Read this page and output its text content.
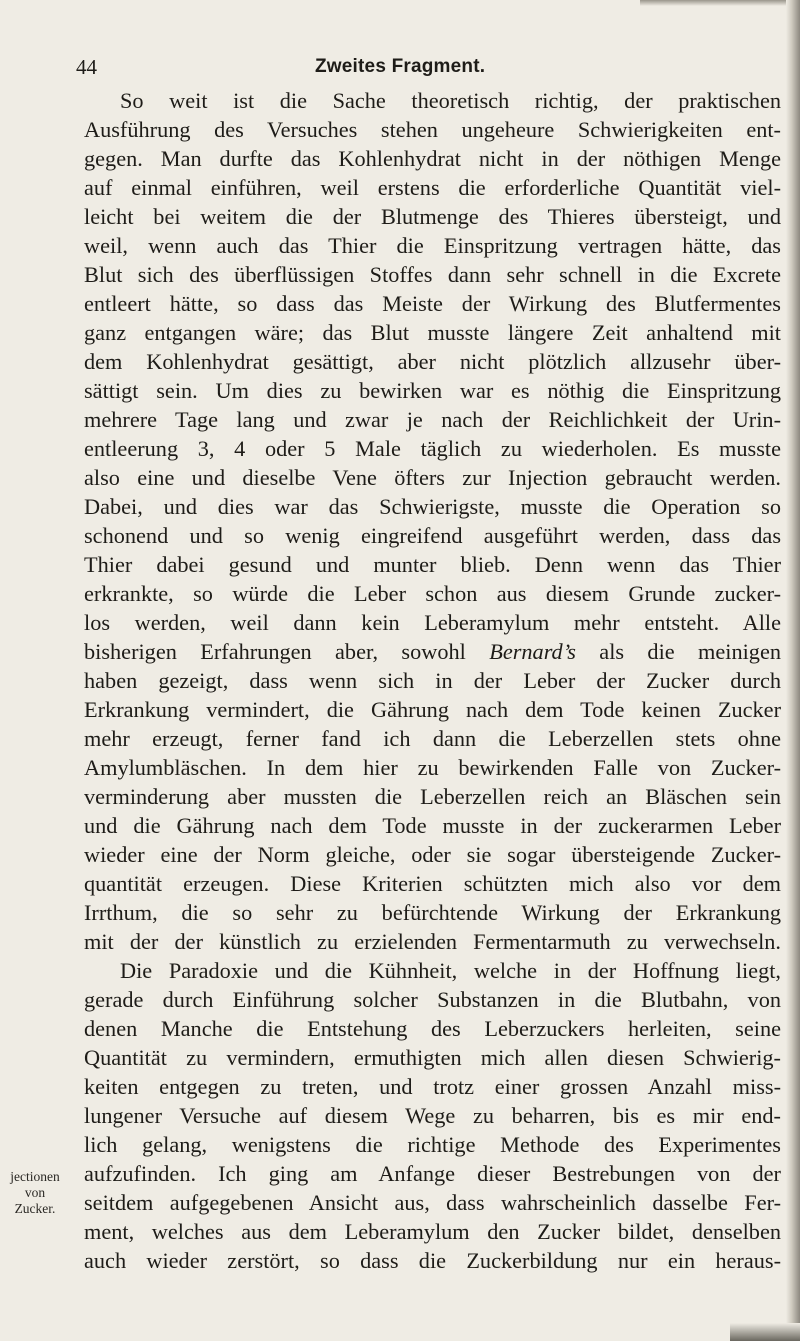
44	Zweites Fragment.
So weit ist die Sache theoretisch richtig, der praktischen
Ausführung des Versuches stehen ungeheure Schwierigkeiten ent-
gegen. Man durfte das Kohlenhydrat nicht in der nöthigen Menge
auf einmal einführen, weil erstens die erforderliche Quantität viel-
leicht bei weitem die der Blutmenge des Thieres übersteigt, und
weil, wenn auch das Thier die Einspritzung vertragen hätte, das
Blut sich des überflüssigen Stoffes dann sehr schnell in die Excrete
entleert hätte, so dass das Meiste der Wirkung des Blutfermentes
ganz entgangen wäre; das Blut musste längere Zeit anhaltend mit
dem Kohlenhydrat gesättigt, aber nicht plötzlich allzusehr über-
sättigt sein. Um dies zu bewirken war es nöthig die Einspritzung
mehrere Tage lang und zwar je nach der Reichlichkeit der Urin-
entleerung 3, 4 oder 5 Male täglich zu wiederholen. Es musste
also eine und dieselbe Vene öfters zur Injection gebraucht werden.
Dabei, und dies war das Schwierigste, musste die Operation so
schonend und so wenig eingreifend ausgeführt werden, dass das
Thier dabei gesund und munter blieb. Denn wenn das Thier
erkrankte, so würde die Leber schon aus diesem Grunde zucker-
los werden, weil dann kein Leberamylum mehr entsteht. Alle
bisherigen Erfahrungen aber, sowohl Bernard’s als die meinigen
haben gezeigt, dass wenn sich in der Leber der Zucker durch
Erkrankung vermindert, die Gährung nach dem Tode keinen Zucker
mehr erzeugt, ferner fand ich dann die Leberzellen stets ohne
Amylumbläschen. In dem hier zu bewirkenden Falle von Zucker-
verminderung aber mussten die Leberzellen reich an Bläschen sein
und die Gährung nach dem Tode musste in der zuckerarmen Leber
wieder eine der Norm gleiche, oder sie sogar übersteigende Zucker-
quantität erzeugen. Diese Kriterien schützten mich also vor dem
Irrthum, die so sehr zu befürchtende Wirkung der Erkrankung
mit der der künstlich zu erzielenden Fermentarmuth zu verwechseln.
Die Paradoxie und die Kühnheit, welche in der Hoffnung liegt,
gerade durch Einführung solcher Substanzen in die Blutbahn, von
denen Manche die Entstehung des Leberzuckers herleiten, seine
Quantität zu vermindern, ermuthigten mich allen diesen Schwierig-
keiten entgegen zu treten, und trotz einer grossen Anzahl miss-
lungener Versuche auf diesem Wege zu beharren, bis es mir end-
lich gelang, wenigstens die richtige Methode des Experimentes
aufzufinden. Ich ging am Anfange dieser Bestrebungen von der
seitdem aufgegebenen Ansicht aus, dass wahrscheinlich dasselbe Fer-
ment, welches aus dem Leberamylum den Zucker bildet, denselben
auch wieder zerstört, so dass die Zuckerbildung nur ein heraus-
jectionen
von
Zucker.
